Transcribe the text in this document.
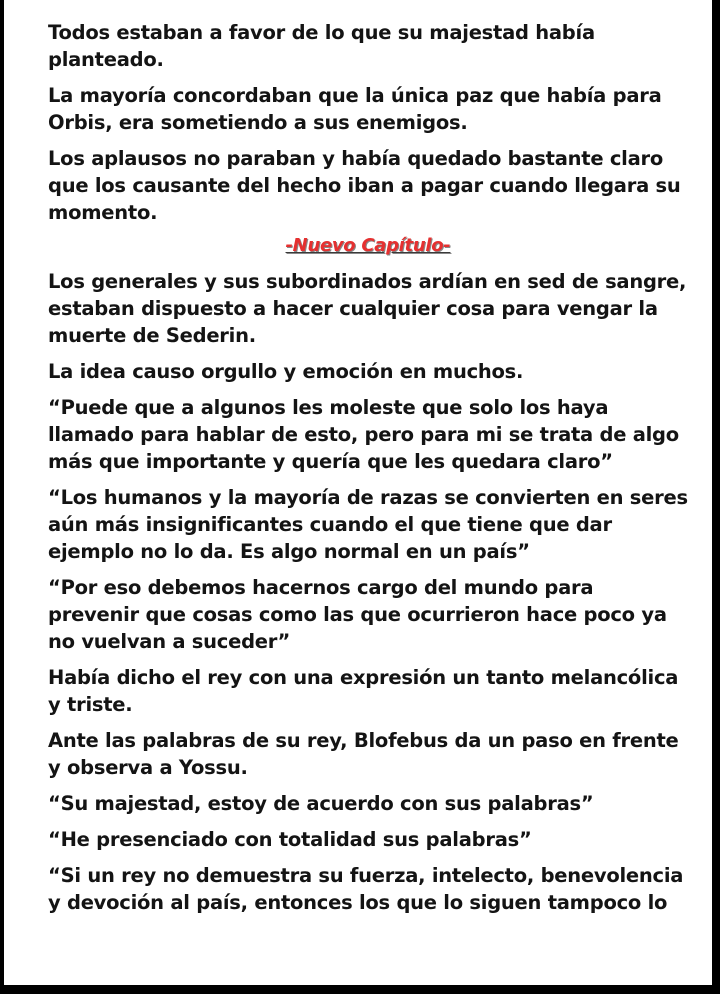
Todos estaban a favor de lo que su majestad había planteado.

La mayoría concordaban que la única paz que había para Orbis, era sometiendo a sus enemigos.

Los aplausos no paraban y había quedado bastante claro que los causante del hecho iban a pagar cuando llegara su momento.

-Nuevo Capítulo-

Los generales y sus subordinados ardían en sed de sangre, estaban dispuesto a hacer cualquier cosa para vengar la muerte de Sederin.

La idea causo orgullo y emoción en muchos.

“Puede que a algunos les moleste que solo los haya llamado para hablar de esto, pero para mi se trata de algo más que importante y quería que les quedara claro”

“Los humanos y la mayoría de razas se convierten en seres aún más insignificantes cuando el que tiene que dar ejemplo no lo da. Es algo normal en un país”

“Por eso debemos hacernos cargo del mundo para prevenir que cosas como las que ocurrieron hace poco ya no vuelvan a suceder”

Había dicho el rey con una expresión un tanto melancólica y triste.

Ante las palabras de su rey, Blofebus da un paso en frente y observa a Yossu.

“Su majestad, estoy de acuerdo con sus palabras”

“He presenciado con totalidad sus palabras”

“Si un rey no demuestra su fuerza, intelecto, benevolencia y devoción al país, entonces los que lo siguen tampoco lo
